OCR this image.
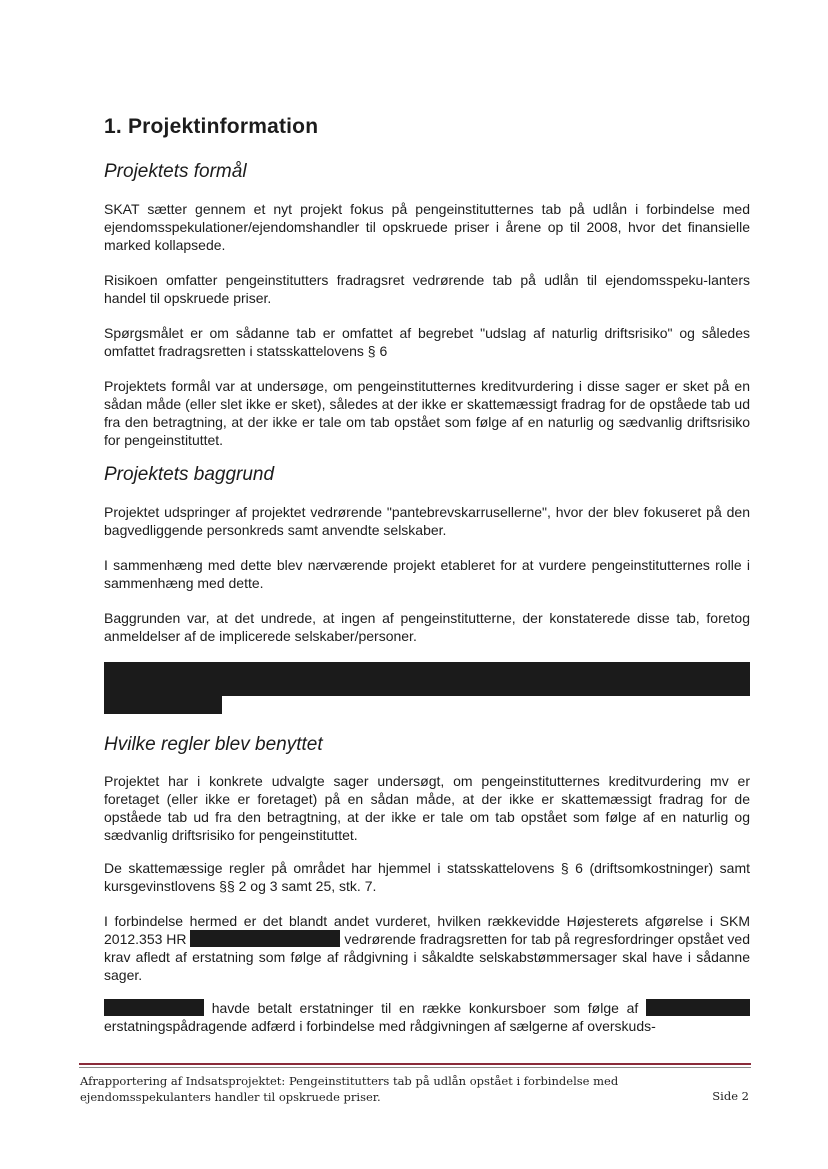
1. Projektinformation
Projektets formål

SKAT sætter gennem et nyt projekt fokus på pengeinstitutternes tab på udlån i forbindelse med ejendomsspekulationer/ejendomshandler til opskruede priser i årene op til 2008, hvor det finansielle marked kollapsede.

Risikoen omfatter pengeinstitutters fradragsret vedrørende tab på udlån til ejendomsspeku-lanters handel til opskruede priser.

Spørgsmålet er om sådanne tab er omfattet af begrebet "udslag af naturlig driftsrisiko" og således omfattet fradragsretten i statsskattelovens § 6

Projektets formål var at undersøge, om pengeinstitutternes kreditvurdering i disse sager er sket på en sådan måde (eller slet ikke er sket), således at der ikke er skattemæssigt fradrag for de opståede tab ud fra den betragtning, at der ikke er tale om tab opstået som følge af en naturlig og sædvanlig driftsrisiko for pengeinstituttet.

Projektets baggrund

Projektet udspringer af projektet vedrørende "pantebrevskarrusellerne", hvor der blev fokuseret på den bagvedliggende personkreds samt anvendte selskaber.

I sammenhæng med dette blev nærværende projekt etableret for at vurdere pengeinstitutternes rolle i sammenhæng med dette.

Baggrunden var, at det undrede, at ingen af pengeinstitutterne, der konstaterede disse tab, foretog anmeldelser af de implicerede selskaber/personer.

Hvilke regler blev benyttet

Projektet har i konkrete udvalgte sager undersøgt, om pengeinstitutternes kreditvurdering mv er foretaget (eller ikke er foretaget) på en sådan måde, at der ikke er skattemæssigt fradrag for de opståede tab ud fra den betragtning, at der ikke er tale om tab opstået som følge af en naturlig og sædvanlig driftsrisiko for pengeinstituttet.

De skattemæssige regler på området har hjemmel i statsskattelovens § 6 (driftsomkostninger) samt kursgevinstlovens §§ 2 og 3 samt 25, stk. 7.

I forbindelse hermed er det blandt andet vurderet, hvilken rækkevidde Højesterets afgørelse i SKM 2012.353 HR	vedrørende fradragsretten for tab på regresfordringer opstået ved krav afledt af erstatning som følge af rådgivning i såkaldte selskabstømmersager skal have i sådanne sager.

havde betalt erstatninger til en række konkursboer som følge af  erstatningspådragende adfærd i forbindelse med rådgivningen af sælgerne af overskuds-

Afrapportering af Indsatsprojektet: Pengeinstitutters tab på udlån opstået i forbindelse med
ejendomsspekulanters handler til opskruede priser.	Side 2
